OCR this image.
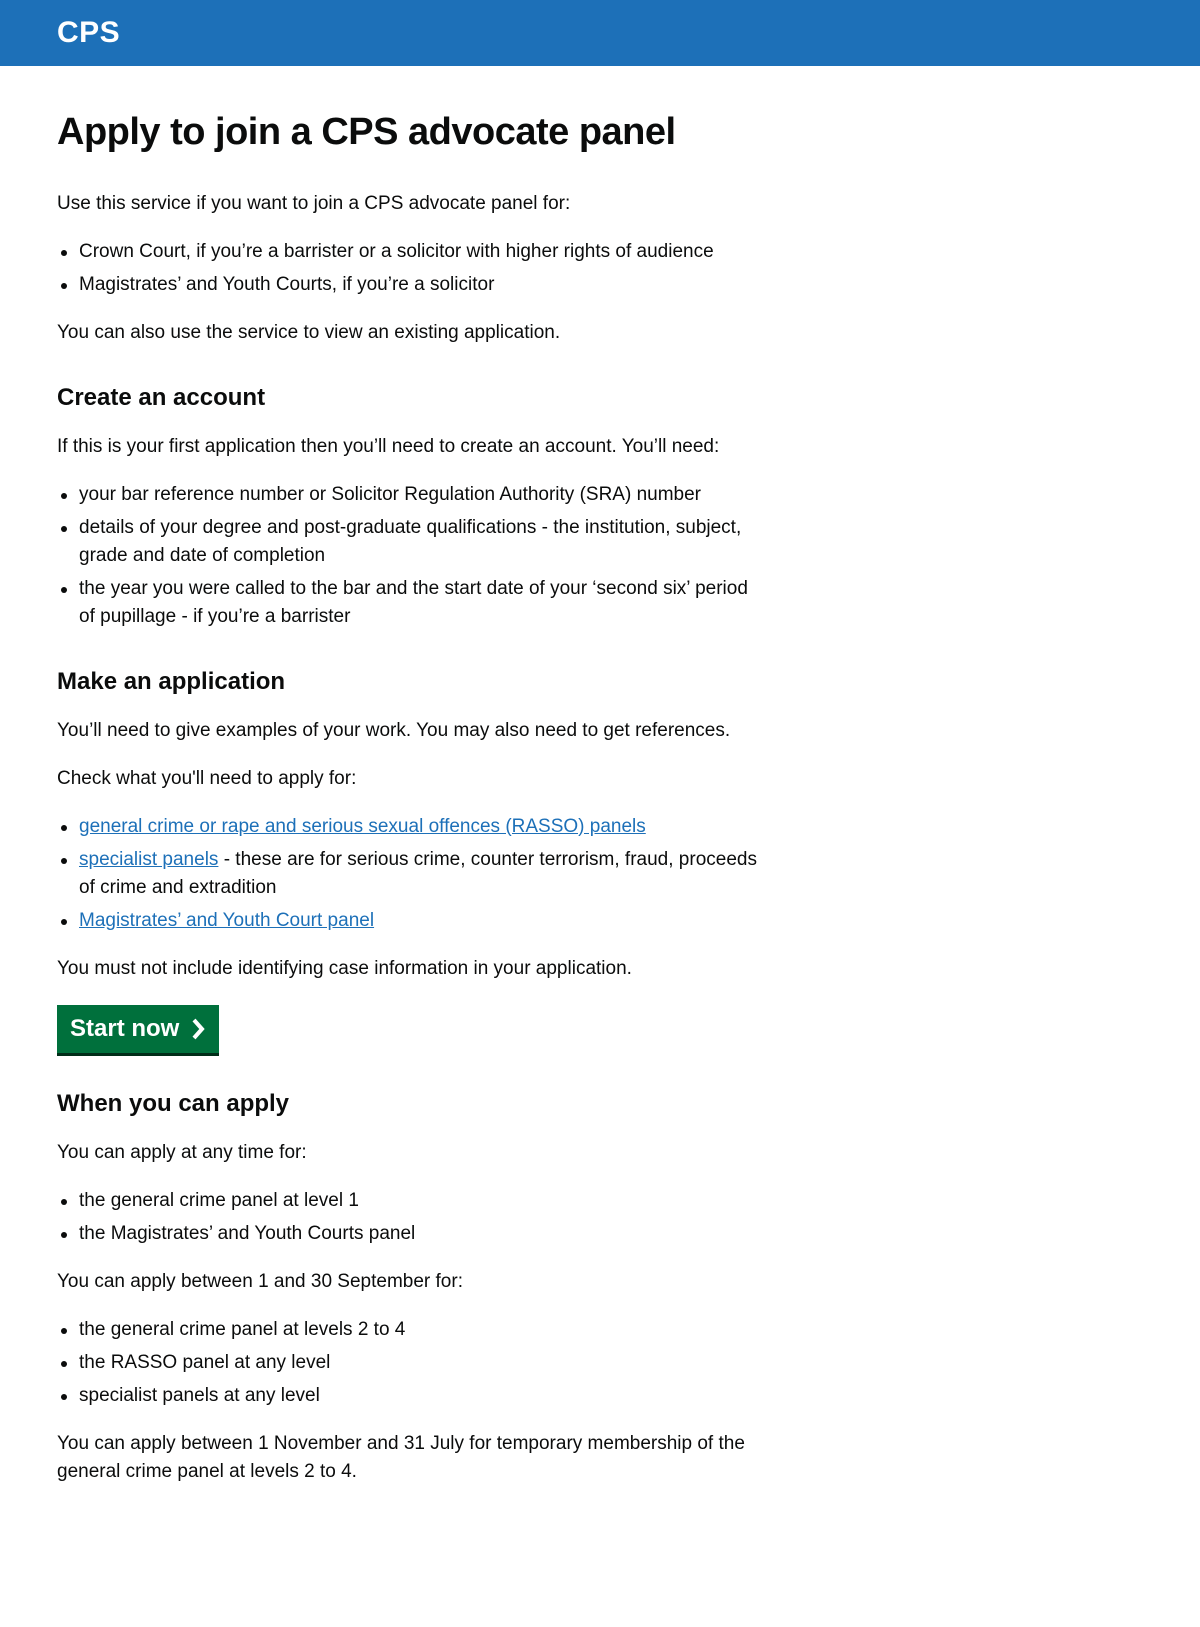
CPS
Apply to join a CPS advocate panel

Use this service if you want to join a CPS advocate panel for:

Crown Court, if you’re a barrister or a solicitor with higher rights of audience
Magistrates’ and Youth Courts, if you’re a solicitor

You can also use the service to view an existing application.

Create an account

If this is your first application then you’ll need to create an account. You’ll need:

your bar reference number or Solicitor Regulation Authority (SRA) number
details of your degree and post-graduate qualifications - the institution, subject, grade and date of completion
the year you were called to the bar and the start date of your ‘second six’ period of pupillage - if you’re a barrister
Make an application

You’ll need to give examples of your work. You may also need to get references.

Check what you'll need to apply for:

general crime or rape and serious sexual offences (RASSO) panels
specialist panels - these are for serious crime, counter terrorism, fraud, proceeds of crime and extradition
Magistrates’ and Youth Court panel

You must not include identifying case information in your application.

Start now
When you can apply

You can apply at any time for:

the general crime panel at level 1
the Magistrates’ and Youth Courts panel

You can apply between 1 and 30 September for:

the general crime panel at levels 2 to 4
the RASSO panel at any level
specialist panels at any level

You can apply between 1 November and 31 July for temporary membership of the general crime panel at levels 2 to 4.
